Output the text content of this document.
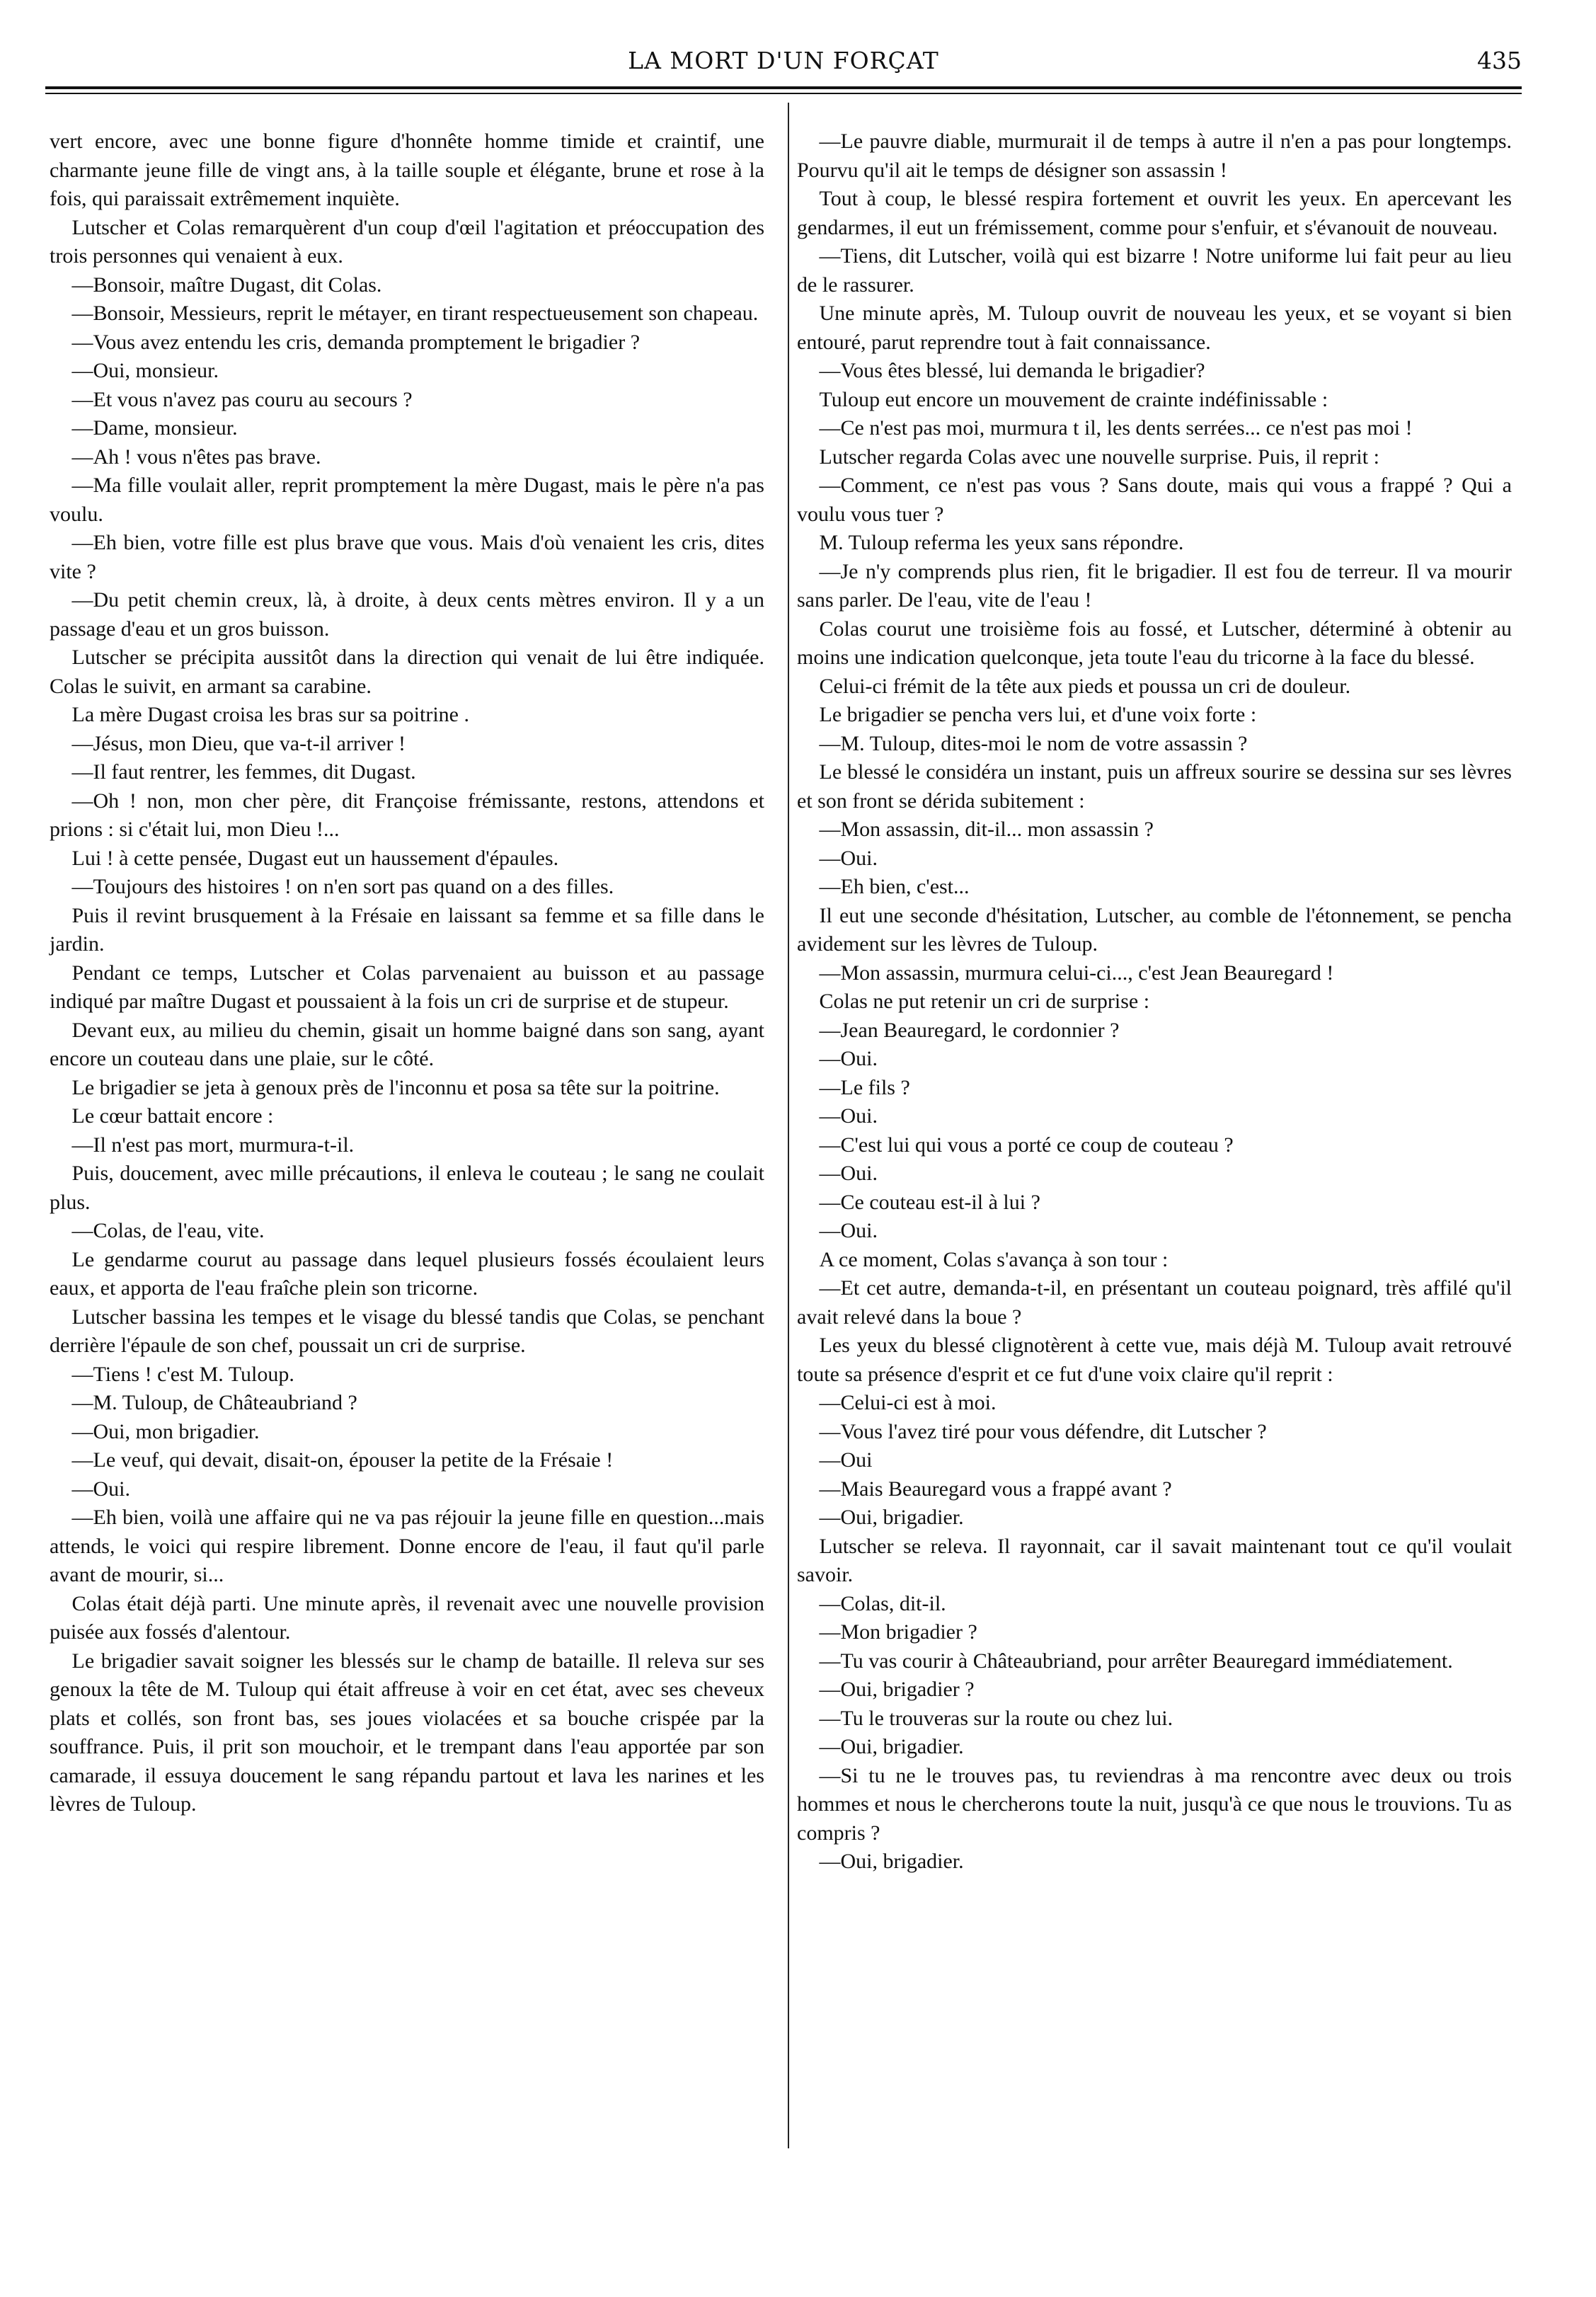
LA MORT D'UN FORÇAT	435

vert encore, avec une bonne figure d'honnête homme timide et craintif, une charmante jeune fille de vingt ans, à la taille souple et élégante, brune et rose à la fois, qui paraissait extrêmement inquiète.

Lutscher et Colas remarquèrent d'un coup d'œil l'agitation et préoccupation des trois personnes qui venaient à eux.

—Bonsoir, maître Dugast, dit Colas.

—Bonsoir, Messieurs, reprit le métayer, en tirant respectueusement son chapeau.

—Vous avez entendu les cris, demanda promptement le brigadier ?

—Oui, monsieur.

—Et vous n'avez pas couru au secours ?

—Dame, monsieur.

—Ah ! vous n'êtes pas brave.

—Ma fille voulait aller, reprit promptement la mère Dugast, mais le père n'a pas voulu.

—Eh bien, votre fille est plus brave que vous. Mais d'où venaient les cris, dites vite ?

—Du petit chemin creux, là, à droite, à deux cents mètres environ. Il y a un passage d'eau et un gros buisson.

Lutscher se précipita aussitôt dans la direction qui venait de lui être indiquée. Colas le suivit, en armant sa carabine.

La mère Dugast croisa les bras sur sa poitrine .

—Jésus, mon Dieu, que va-t-il arriver !

—Il faut rentrer, les femmes, dit Dugast.

—Oh ! non, mon cher père, dit Françoise frémissante, restons, attendons et prions : si c'était lui, mon Dieu !...

Lui ! à cette pensée, Dugast eut un haussement d'épaules.

—Toujours des histoires ! on n'en sort pas quand on a des filles.

Puis il revint brusquement à la Frésaie en laissant sa femme et sa fille dans le jardin.

Pendant ce temps, Lutscher et Colas parvenaient au buisson et au passage indiqué par maître Dugast et poussaient à la fois un cri de surprise et de stupeur.

Devant eux, au milieu du chemin, gisait un homme baigné dans son sang, ayant encore un couteau dans une plaie, sur le côté.

Le brigadier se jeta à genoux près de l'inconnu et posa sa tête sur la poitrine.

Le cœur battait encore :

—Il n'est pas mort, murmura-t-il.

Puis, doucement, avec mille précautions, il enleva le couteau ; le sang ne coulait plus.

—Colas, de l'eau, vite.

Le gendarme courut au passage dans lequel plusieurs fossés écoulaient leurs eaux, et apporta de l'eau fraîche plein son tricorne.

Lutscher bassina les tempes et le visage du blessé tandis que Colas, se penchant derrière l'épaule de son chef, poussait un cri de surprise.

—Tiens ! c'est M. Tuloup.

—M. Tuloup, de Châteaubriand ?

—Oui, mon brigadier.

—Le veuf, qui devait, disait-on, épouser la petite de la Frésaie !

—Oui.

—Eh bien, voilà une affaire qui ne va pas réjouir la jeune fille en question...mais attends, le voici qui respire librement. Donne encore de l'eau, il faut qu'il parle avant de mourir, si...

Colas était déjà parti. Une minute après, il revenait avec une nouvelle provision puisée aux fossés d'alentour.

Le brigadier savait soigner les blessés sur le champ de bataille. Il releva sur ses genoux la tête de M. Tuloup qui était affreuse à voir en cet état, avec ses cheveux plats et collés, son front bas, ses joues violacées et sa bouche crispée par la souffrance. Puis, il prit son mouchoir, et le trempant dans l'eau apportée par son camarade, il essuya doucement le sang répandu partout et lava les narines et les lèvres de Tuloup.

—Le pauvre diable, murmurait il de temps à autre il n'en a pas pour longtemps. Pourvu qu'il ait le temps de désigner son assassin !

Tout à coup, le blessé respira fortement et ouvrit les yeux. En apercevant les gendarmes, il eut un frémissement, comme pour s'enfuir, et s'évanouit de nouveau.

—Tiens, dit Lutscher, voilà qui est bizarre ! Notre uniforme lui fait peur au lieu de le rassurer.

Une minute après, M. Tuloup ouvrit de nouveau les yeux, et se voyant si bien entouré, parut reprendre tout à fait connaissance.

—Vous êtes blessé, lui demanda le brigadier?

Tuloup eut encore un mouvement de crainte indéfinissable :

—Ce n'est pas moi, murmura t il, les dents serrées... ce n'est pas moi !

Lutscher regarda Colas avec une nouvelle surprise. Puis, il reprit :

—Comment, ce n'est pas vous ? Sans doute, mais qui vous a frappé ? Qui a voulu vous tuer ?

M. Tuloup referma les yeux sans répondre.

—Je n'y comprends plus rien, fit le brigadier. Il est fou de terreur. Il va mourir sans parler. De l'eau, vite de l'eau !

Colas courut une troisième fois au fossé, et Lutscher, déterminé à obtenir au moins une indication quelconque, jeta toute l'eau du tricorne à la face du blessé.

Celui-ci frémit de la tête aux pieds et poussa un cri de douleur.

Le brigadier se pencha vers lui, et d'une voix forte :

—M. Tuloup, dites-moi le nom de votre assassin ?

Le blessé le considéra un instant, puis un affreux sourire se dessina sur ses lèvres et son front se dérida subitement :

—Mon assassin, dit-il... mon assassin ?

—Oui.

—Eh bien, c'est...

Il eut une seconde d'hésitation, Lutscher, au comble de l'étonnement, se pencha avidement sur les lèvres de Tuloup.

—Mon assassin, murmura celui-ci..., c'est Jean Beauregard !

Colas ne put retenir un cri de surprise :

—Jean Beauregard, le cordonnier ?

—Oui.

—Le fils ?

—Oui.

—C'est lui qui vous a porté ce coup de couteau ?

—Oui.

—Ce couteau est-il à lui ?

—Oui.

A ce moment, Colas s'avança à son tour :

—Et cet autre, demanda-t-il, en présentant un couteau poignard, très affilé qu'il avait relevé dans la boue ?

Les yeux du blessé clignotèrent à cette vue, mais déjà M. Tuloup avait retrouvé toute sa présence d'esprit et ce fut d'une voix claire qu'il reprit :

—Celui-ci est à moi.

—Vous l'avez tiré pour vous défendre, dit Lutscher ?

—Oui

—Mais Beauregard vous a frappé avant ?

—Oui, brigadier.

Lutscher se releva. Il rayonnait, car il savait maintenant tout ce qu'il voulait savoir.

—Colas, dit-il.

—Mon brigadier ?

—Tu vas courir à Châteaubriand, pour arrêter Beauregard immédiatement.

—Oui, brigadier ?

—Tu le trouveras sur la route ou chez lui.

—Oui, brigadier.

—Si tu ne le trouves pas, tu reviendras à ma rencontre avec deux ou trois hommes et nous le chercherons toute la nuit, jusqu'à ce que nous le trouvions. Tu as compris ?

—Oui, brigadier.
